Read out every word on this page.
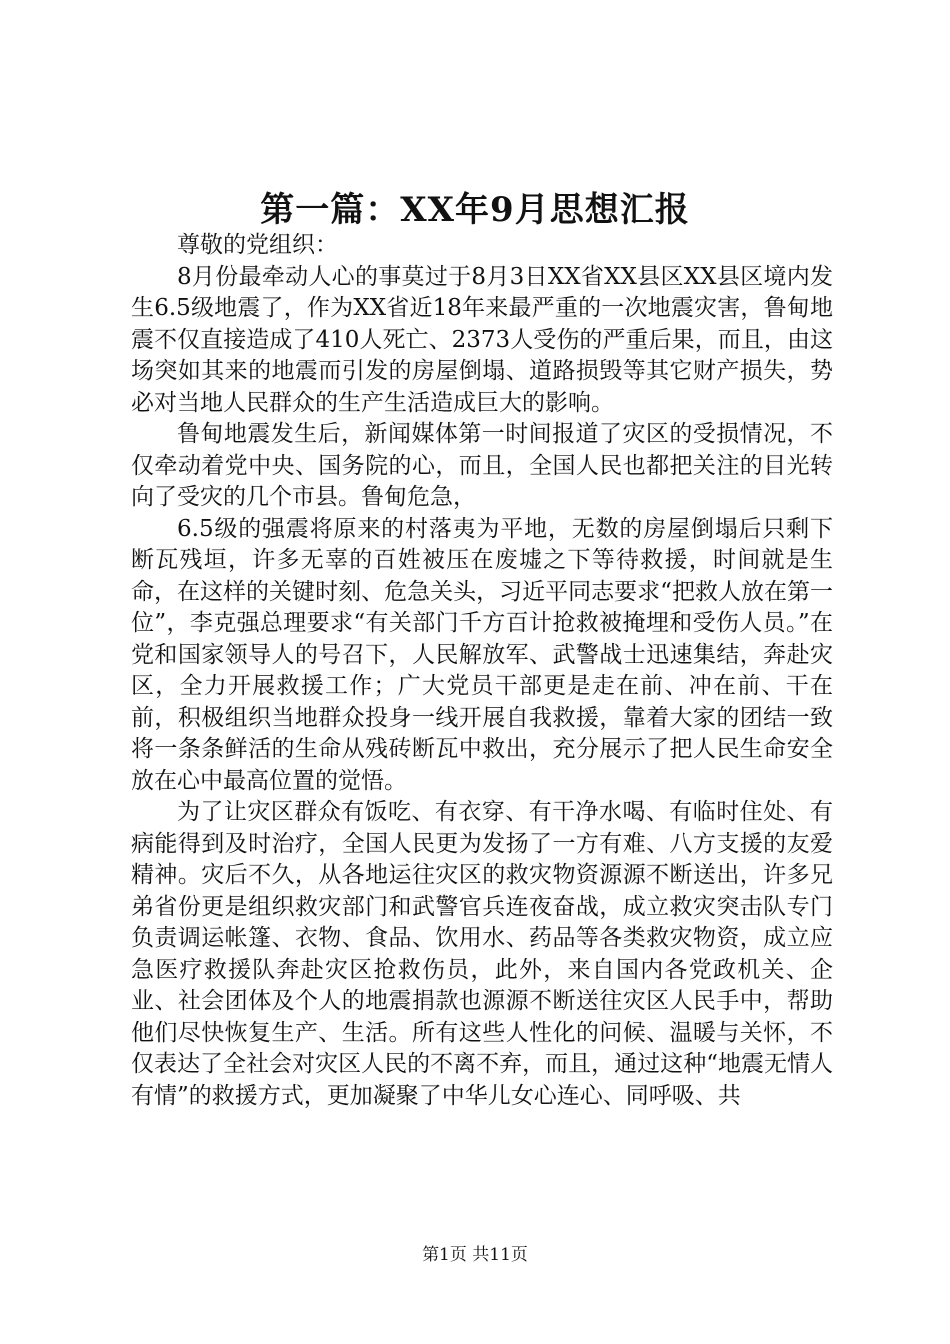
第一篇：XX年9月思想汇报

尊敬的党组织：

8月份最牵动人心的事莫过于8月3日XX省XX县区XX县区境内发生6.5级地震了，作为XX省近18年来最严重的一次地震灾害，鲁甸地震不仅直接造成了410人死亡、2373人受伤的严重后果，而且，由这场突如其来的地震而引发的房屋倒塌、道路损毁等其它财产损失，势必对当地人民群众的生产生活造成巨大的影响。

鲁甸地震发生后，新闻媒体第一时间报道了灾区的受损情况，不仅牵动着党中央、国务院的心，而且，全国人民也都把关注的目光转向了受灾的几个市县。鲁甸危急，

6.5级的强震将原来的村落夷为平地，无数的房屋倒塌后只剩下断瓦残垣，许多无辜的百姓被压在废墟之下等待救援，时间就是生命，在这样的关键时刻、危急关头，习近平同志要求“把救人放在第一位”，李克强总理要求“有关部门千方百计抢救被掩埋和受伤人员。”在党和国家领导人的号召下，人民解放军、武警战士迅速集结，奔赴灾区，全力开展救援工作；广大党员干部更是走在前、冲在前、干在前，积极组织当地群众投身一线开展自我救援，靠着大家的团结一致将一条条鲜活的生命从残砖断瓦中救出，充分展示了把人民生命安全放在心中最高位置的觉悟。

为了让灾区群众有饭吃、有衣穿、有干净水喝、有临时住处、有病能得到及时治疗，全国人民更为发扬了一方有难、八方支援的友爱精神。灾后不久，从各地运往灾区的救灾物资源源不断送出，许多兄弟省份更是组织救灾部门和武警官兵连夜奋战，成立救灾突击队专门负责调运帐篷、衣物、食品、饮用水、药品等各类救灾物资，成立应急医疗救援队奔赴灾区抢救伤员，此外，来自国内各党政机关、企业、社会团体及个人的地震捐款也源源不断送往灾区人民手中，帮助他们尽快恢复生产、生活。所有这些人性化的问候、温暖与关怀，不仅表达了全社会对灾区人民的不离不弃，而且，通过这种“地震无情人有情”的救援方式，更加凝聚了中华儿女心连心、同呼吸、共

第1页 共11页
